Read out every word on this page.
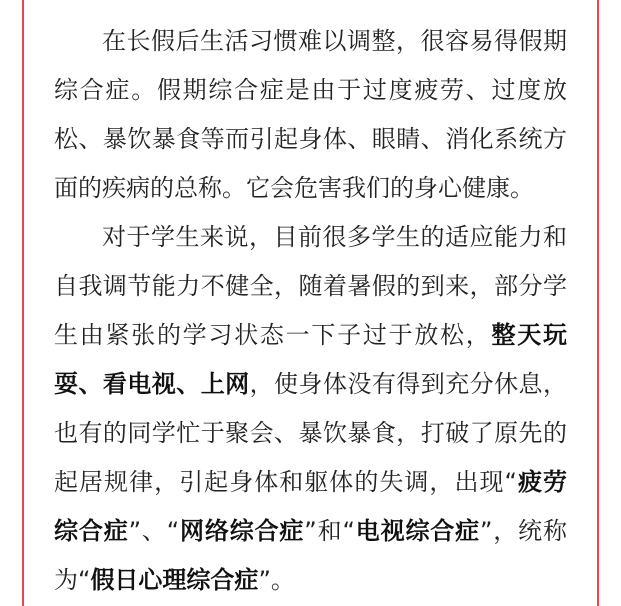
在长假后生活习惯难以调整，很容易得假期综合症。假期综合症是由于过度疲劳、过度放松、暴饮暴食等而引起身体、眼睛、消化系统方面的疾病的总称。它会危害我们的身心健康。

对于学生来说，目前很多学生的适应能力和自我调节能力不健全，随着暑假的到来，部分学生由紧张的学习状态一下子过于放松，整天玩耍、看电视、上网，使身体没有得到充分休息，也有的同学忙于聚会、暴饮暴食，打破了原先的起居规律，引起身体和躯体的失调，出现“疲劳综合症”、“网络综合症”和“电视综合症”，统称为“假日心理综合症”。
